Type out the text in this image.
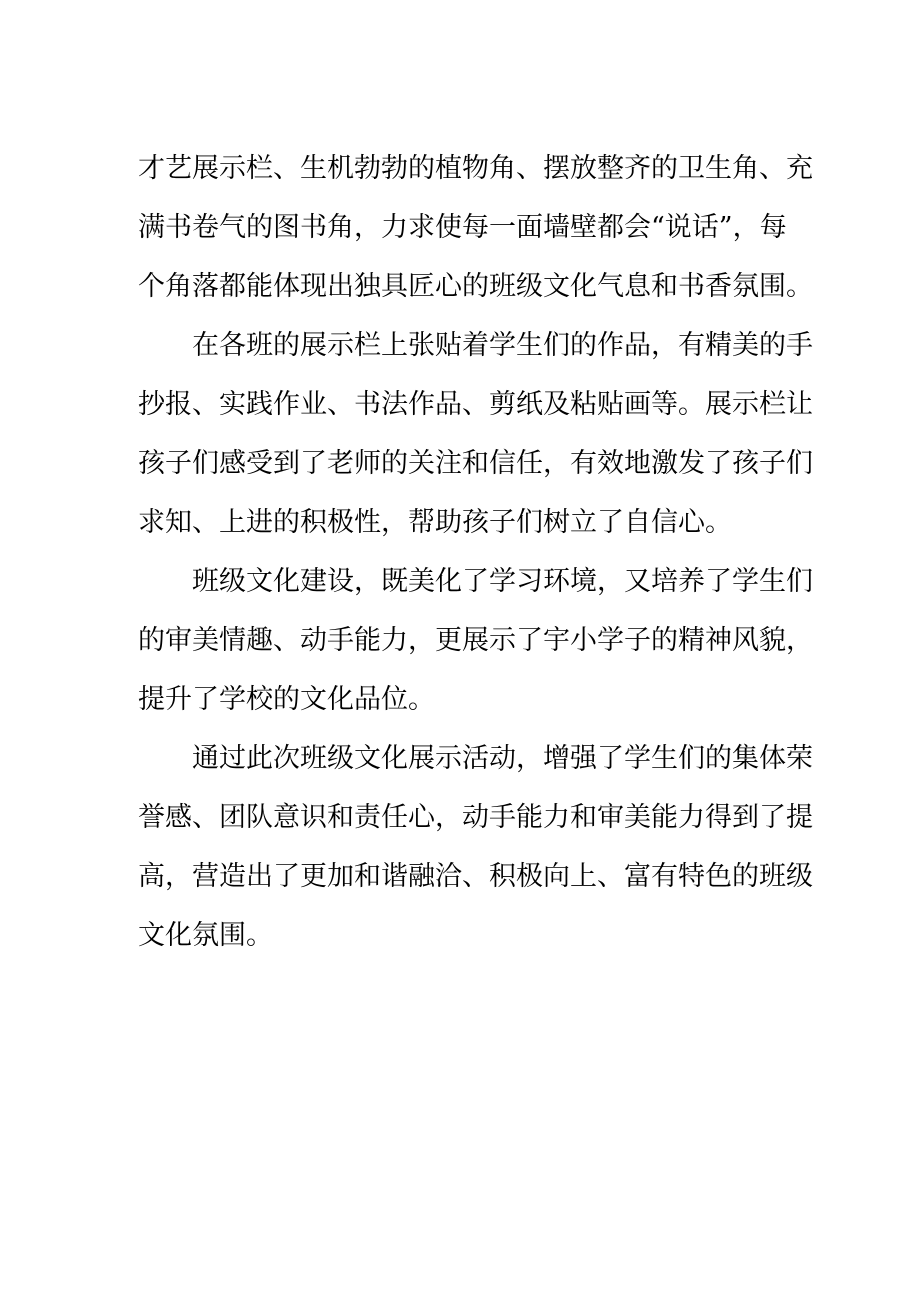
才艺展示栏、生机勃勃的植物角、摆放整齐的卫生角、充
满书卷气的图书角，力求使每一面墙壁都会“说话”，每
个角落都能体现出独具匠心的班级文化气息和书香氛围。
在各班的展示栏上张贴着学生们的作品，有精美的手
抄报、实践作业、书法作品、剪纸及粘贴画等。展示栏让
孩子们感受到了老师的关注和信任，有效地激发了孩子们
求知、上进的积极性，帮助孩子们树立了自信心。
班级文化建设，既美化了学习环境，又培养了学生们
的审美情趣、动手能力，更展示了宇小学子的精神风貌，
提升了学校的文化品位。
通过此次班级文化展示活动，增强了学生们的集体荣
誉感、团队意识和责任心，动手能力和审美能力得到了提
高，营造出了更加和谐融洽、积极向上、富有特色的班级
文化氛围。
